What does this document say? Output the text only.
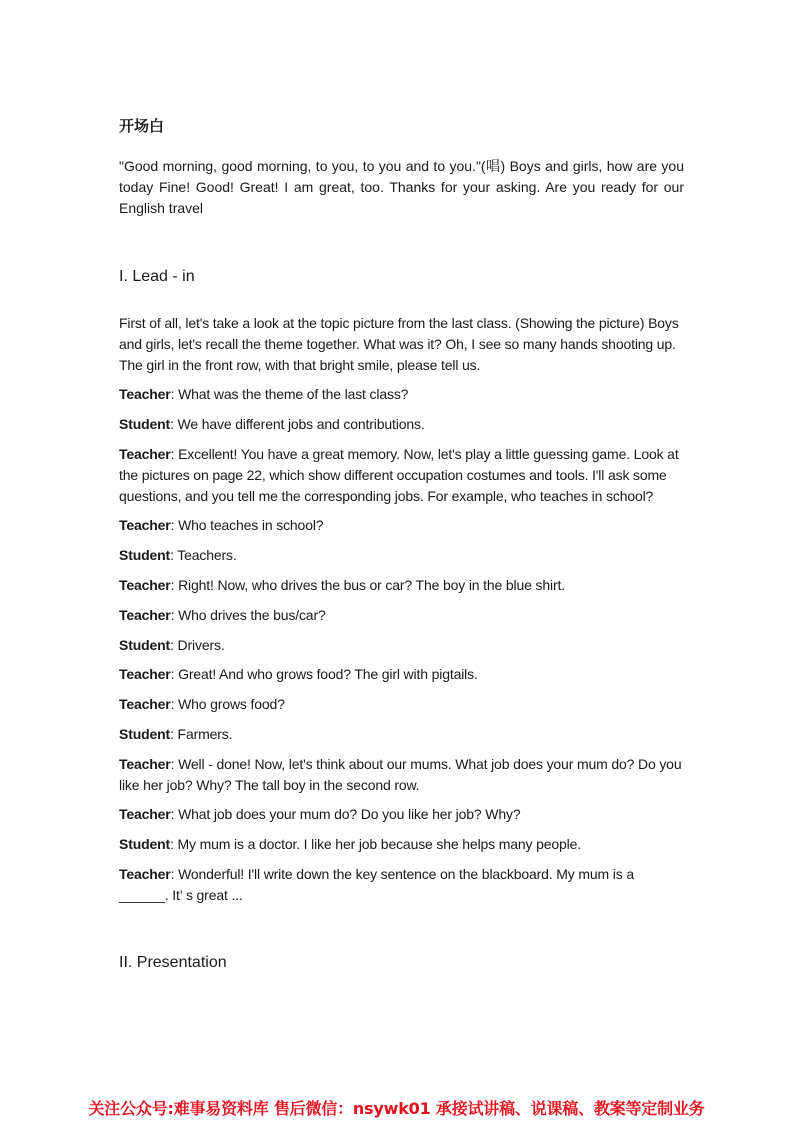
开场白

"Good morning, good morning, to you, to you and to you."(唱) Boys and girls, how are you today Fine! Good! Great! I am great, too. Thanks for your asking. Are you ready for our English travel

I. Lead - in

First of all, let's take a look at the topic picture from the last class. (Showing the picture) Boys and girls, let's recall the theme together. What was it? Oh, I see so many hands shooting up. The girl in the front row, with that bright smile, please tell us.

Teacher: What was the theme of the last class?

Student: We have different jobs and contributions.

Teacher: Excellent! You have a great memory. Now, let's play a little guessing game. Look at the pictures on page 22, which show different occupation costumes and tools. I'll ask some questions, and you tell me the corresponding jobs. For example, who teaches in school?

Teacher: Who teaches in school?

Student: Teachers.

Teacher: Right! Now, who drives the bus or car? The boy in the blue shirt.

Teacher: Who drives the bus/car?

Student: Drivers.

Teacher: Great! And who grows food? The girl with pigtails.

Teacher: Who grows food?

Student: Farmers.

Teacher: Well - done! Now, let's think about our mums. What job does your mum do? Do you like her job? Why? The tall boy in the second row.

Teacher: What job does your mum do? Do you like her job? Why?

Student: My mum is a doctor. I like her job because she helps many people.

Teacher: Wonderful! I'll write down the key sentence on the blackboard. My mum is a ______. It’ s great ...

II. Presentation

关注公众号:难事易资料库 售后微信：nsywk01 承接试讲稿、说课稿、教案等定制业务
